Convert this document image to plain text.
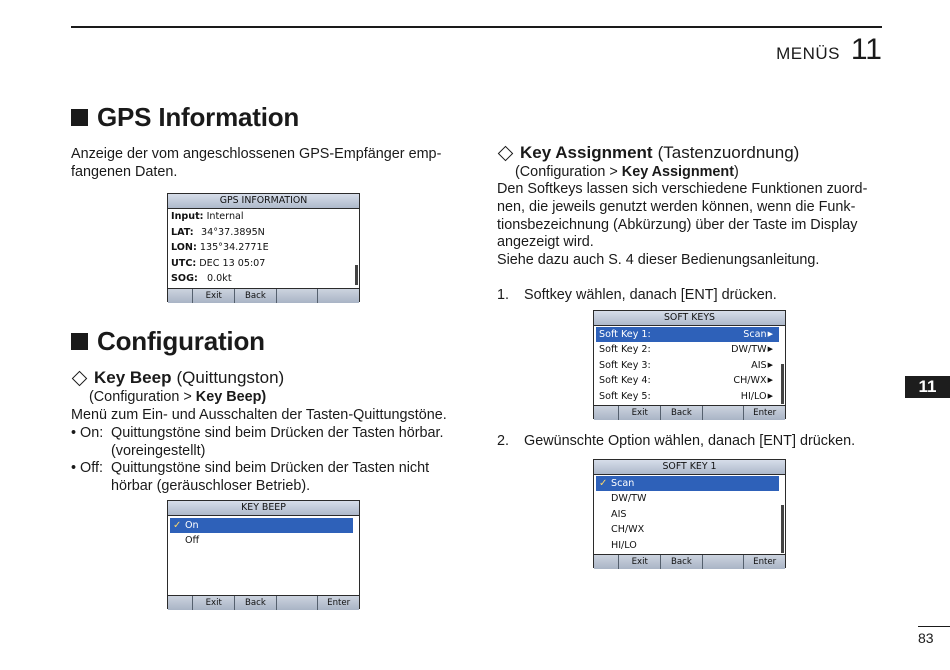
MENÜS 11
GPS Information
Anzeige der vom angeschlossenen GPS-Empfänger emp-
fangenen Daten.
GPS INFORMATION
Input:
Internal
LAT: 34°37.3895N
LON:
135°34.2771E
UTC:
DEC 13 05:07
SOG: 0.0kt
Exit	Back
Configuration
Key Beep (Quittungston)
(Configuration > Key Beep)
Menü zum Ein- und Ausschalten der Tasten-Quittungstöne.
• On: Quittungstöne sind beim Drücken der Tasten hörbar.
(voreingestellt)
• Off: Quittungstöne sind beim Drücken der Tasten nicht
hörbar (geräuschloser Betrieb).
KEY BEEP
✓ On
Off
Exit	Back	Enter
Key Assignment (Tastenzuordnung)
(Configuration > Key Assignment)
Den Softkeys lassen sich verschiedene Funktionen zuord-
nen, die jeweils genutzt werden können, wenn die Funk-
tionsbezeichnung (Abkürzung) über der Taste im Display
angezeigt wird.
Siehe dazu auch S. 4 dieser Bedienungsanleitung.
1. Softkey wählen, danach [ENT] drücken.
SOFT KEYS
Soft Key 1:	Scan ▶
Soft Key 2:	DW/TW ▶
Soft Key 3:	AIS ▶
Soft Key 4:	CH/WX ▶
Soft Key 5:	HI/LO ▶
Exit	Back	Enter
2. Gewünschte Option wählen, danach [ENT] drücken.
SOFT KEY 1
✓ Scan
DW/TW
AIS
CH/WX
HI/LO
Exit	Back	Enter
11
83
